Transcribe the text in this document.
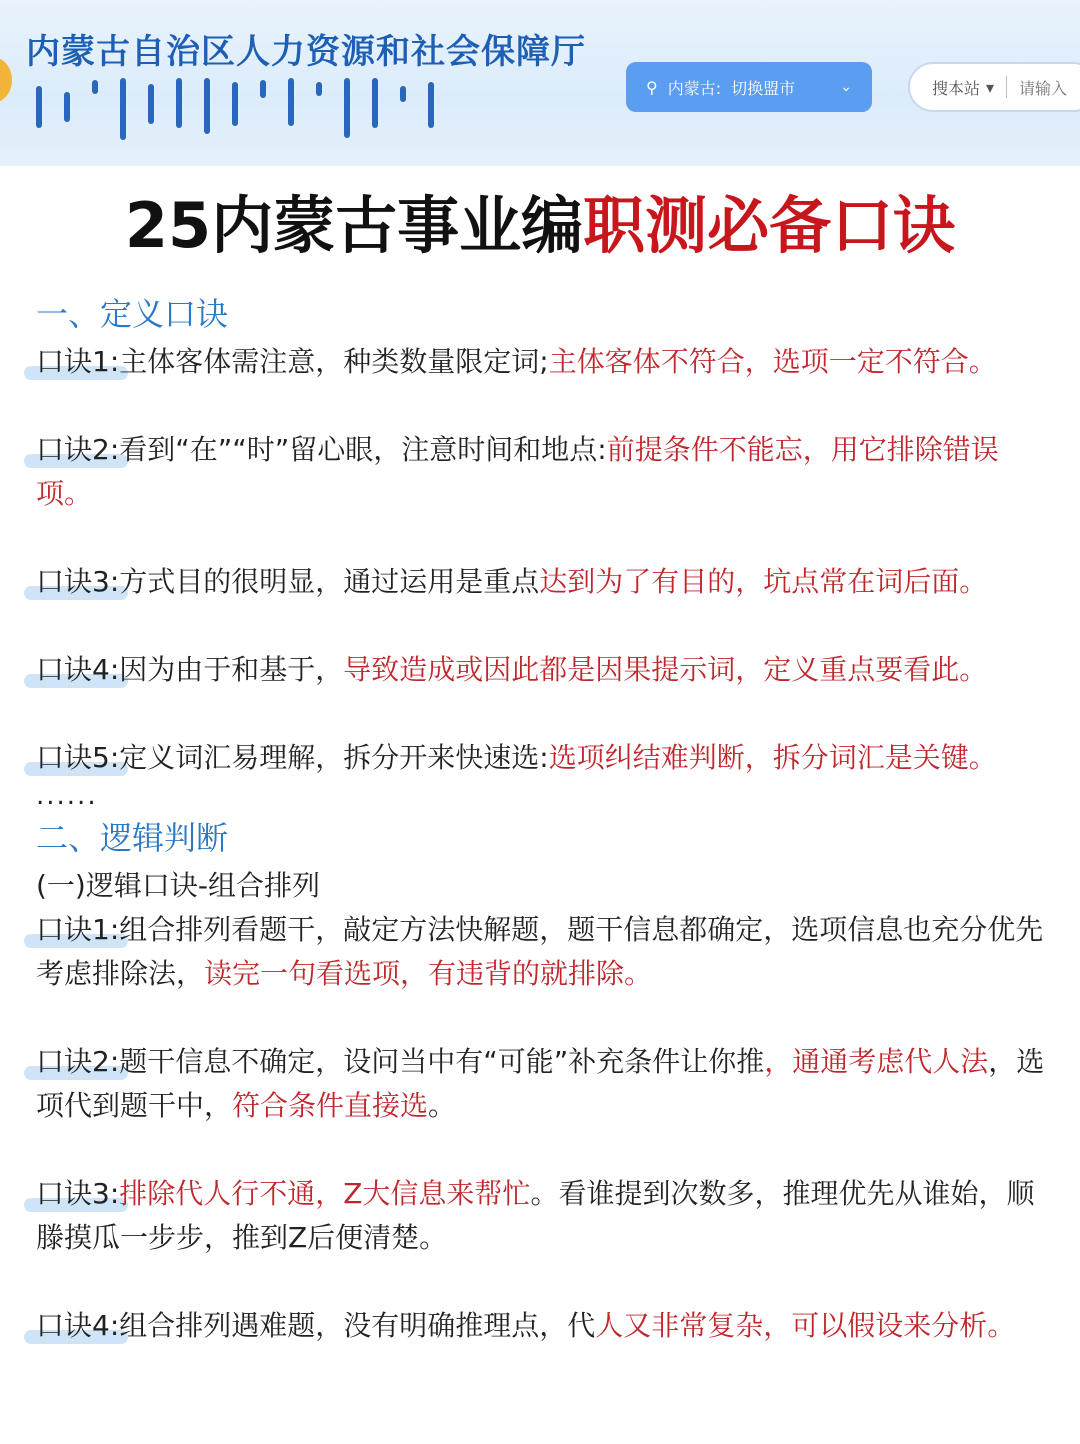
内蒙古自治区人力资源和社会保障厅
⚲ 内蒙古: 切换盟市	⌄	搜本站 ▾ 请输入
25内蒙古事业编职测必备口诀
一、定义口诀
口诀1:主体客体需注意，种类数量限定词;主体客体不符合，选项一定不符合。
口诀2:看到“在”“时”留心眼，注意时间和地点:前提条件不能忘，用它排除错误项。
口诀3:方式目的很明显，通过运用是重点达到为了有目的，坑点常在词后面。
口诀4:因为由于和基于，导致造成或因此都是因果提示词，定义重点要看此。
口诀5:定义词汇易理解，拆分开来快速选:选项纠结难判断，拆分词汇是关键。
......
二、逻辑判断
(一)逻辑口诀-组合排列
口诀1:组合排列看题干，敲定方法快解题，题干信息都确定，选项信息也充分优先考虑排除法，读完一句看选项，有违背的就排除。
口诀2:题干信息不确定，设问当中有“可能”补充条件让你推，通通考虑代人法，选项代到题干中，符合条件直接选。
口诀3:排除代人行不通，Z大信息来帮忙。看谁提到次数多，推理优先从谁始，顺滕摸瓜一步步，推到Z后便清楚。
口诀4:组合排列遇难题，没有明确推理点，代人又非常复杂，可以假设来分析。
